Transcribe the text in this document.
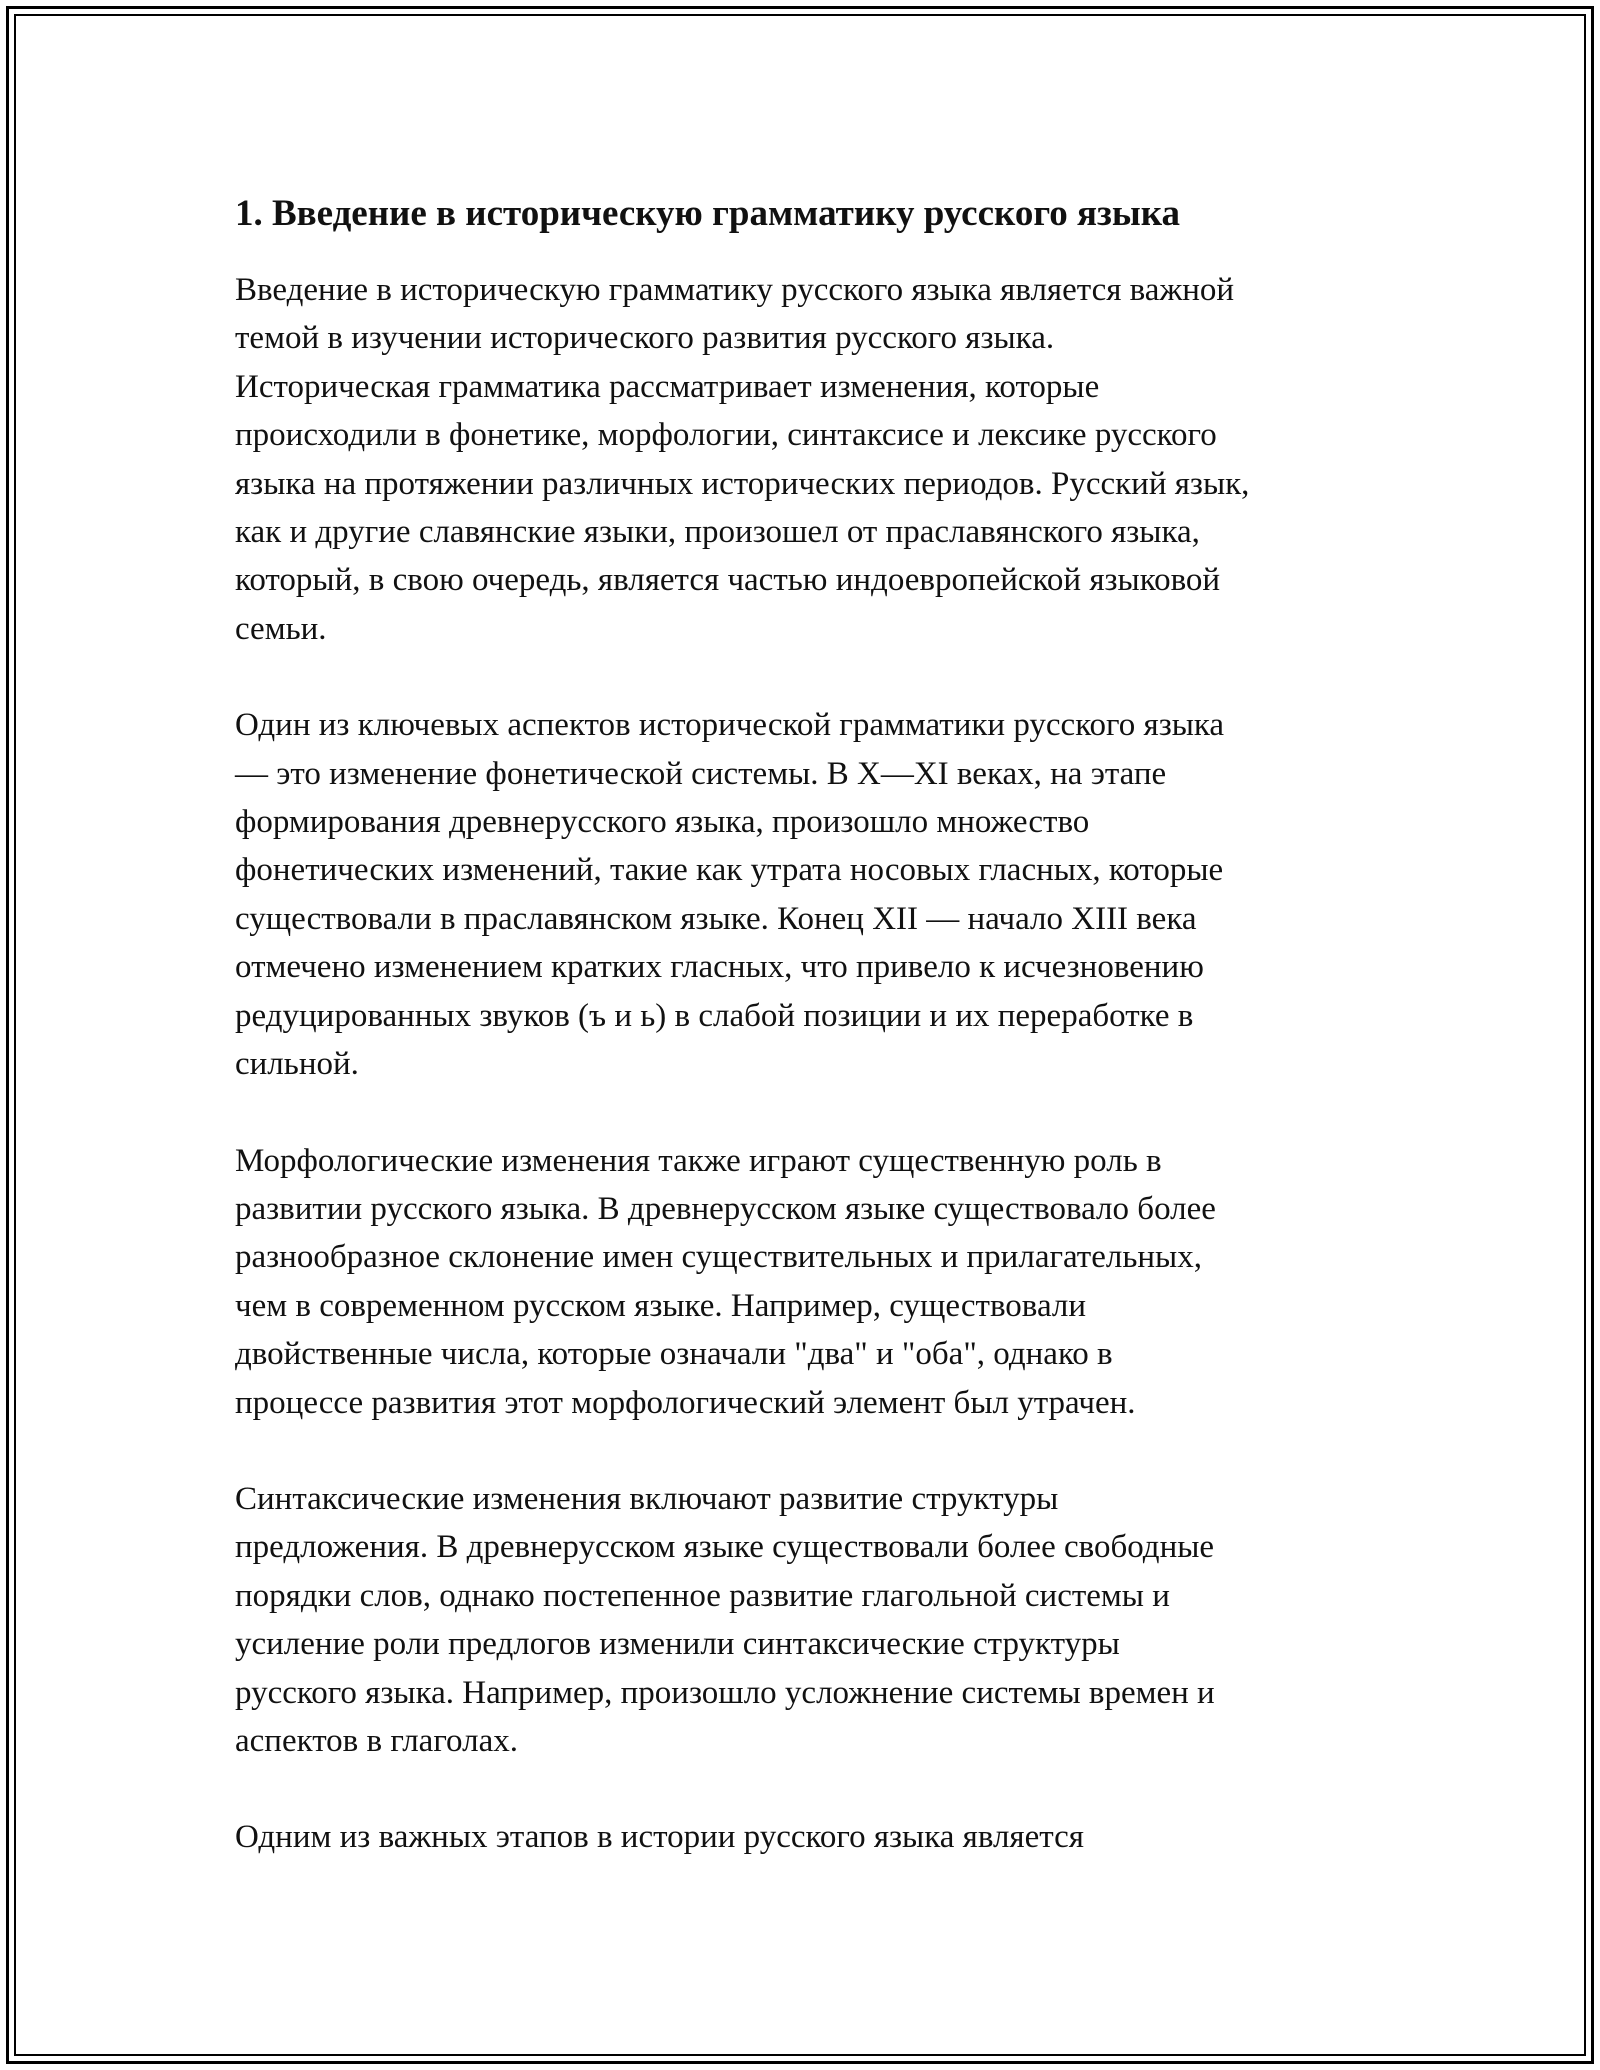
1. Введение в историческую грамматику русского языка

Введение в историческую грамматику русского языка является важной
темой в изучении исторического развития русского языка.
Историческая грамматика рассматривает изменения, которые
происходили в фонетике, морфологии, синтаксисе и лексике русского
языка на протяжении различных исторических периодов. Русский язык,
как и другие славянские языки, произошел от праславянского языка,
который, в свою очередь, является частью индоевропейской языковой
семьи.

Один из ключевых аспектов исторической грамматики русского языка
— это изменение фонетической системы. В X—XI веках, на этапе
формирования древнерусского языка, произошло множество
фонетических изменений, такие как утрата носовых гласных, которые
существовали в праславянском языке. Конец XII — начало XIII века
отмечено изменением кратких гласных, что привело к исчезновению
редуцированных звуков (ъ и ь) в слабой позиции и их переработке в
сильной.

Морфологические изменения также играют существенную роль в
развитии русского языка. В древнерусском языке существовало более
разнообразное склонение имен существительных и прилагательных,
чем в современном русском языке. Например, существовали
двойственные числа, которые означали "два" и "оба", однако в
процессе развития этот морфологический элемент был утрачен.

Синтаксические изменения включают развитие структуры
предложения. В древнерусском языке существовали более свободные
порядки слов, однако постепенное развитие глагольной системы и
усиление роли предлогов изменили синтаксические структуры
русского языка. Например, произошло усложнение системы времен и
аспектов в глаголах.

Одним из важных этапов в истории русского языка является
